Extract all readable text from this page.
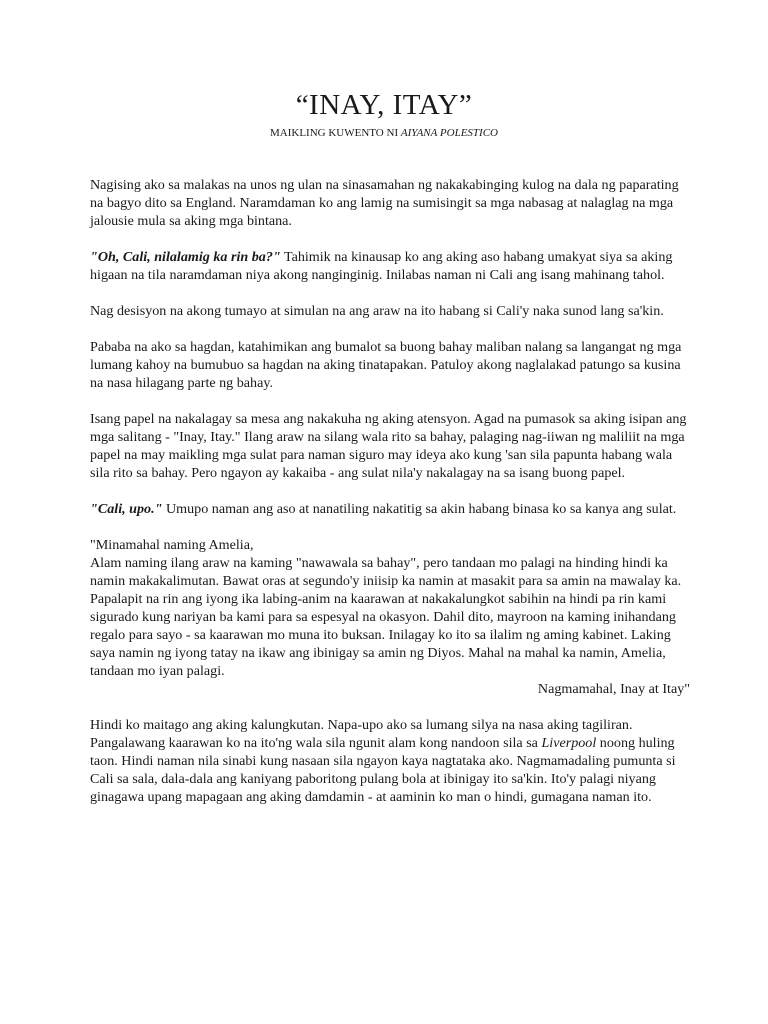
“INAY, ITAY”

MAIKLING KUWENTO NI AIYANA POLESTICO

Nagising ako sa malakas na unos ng ulan na sinasamahan ng nakakabinging kulog na dala ng paparating na bagyo dito sa England. Naramdaman ko ang lamig na sumisingit sa mga nabasag at nalaglag na mga jalousie mula sa aking mga bintana.

"Oh, Cali, nilalamig ka rin ba?" Tahimik na kinausap ko ang aking aso habang umakyat siya sa aking higaan na tila naramdaman niya akong nanginginig. Inilabas naman ni Cali ang isang mahinang tahol.

Nag desisyon na akong tumayo at simulan na ang araw na ito habang si Cali'y naka sunod lang sa'kin.

Pababa na ako sa hagdan, katahimikan ang bumalot sa buong bahay maliban nalang sa langangat ng mga lumang kahoy na bumubuo sa hagdan na aking tinatapakan. Patuloy akong naglalakad patungo sa kusina na nasa hilagang parte ng bahay.

Isang papel na nakalagay sa mesa ang nakakuha ng aking atensyon. Agad na pumasok sa aking isipan ang mga salitang - "Inay, Itay." Ilang araw na silang wala rito sa bahay, palaging nag-iiwan ng maliliit na mga papel na may maikling mga sulat para naman siguro may ideya ako kung 'san sila papunta habang wala sila rito sa bahay. Pero ngayon ay kakaiba - ang sulat nila'y nakalagay na sa isang buong papel.

"Cali, upo." Umupo naman ang aso at nanatiling nakatitig sa akin habang binasa ko sa kanya ang sulat.

"Minamahal naming Amelia,
Alam naming ilang araw na kaming "nawawala sa bahay", pero tandaan mo palagi na hinding hindi ka namin makakalimutan. Bawat oras at segundo'y iniisip ka namin at masakit para sa amin na mawalay ka. Papalapit na rin ang iyong ika labing-anim na kaarawan at nakakalungkot sabihin na hindi pa rin kami sigurado kung nariyan ba kami para sa espesyal na okasyon. Dahil dito, mayroon na kaming inihandang regalo para sayo - sa kaarawan mo muna ito buksan. Inilagay ko ito sa ilalim ng aming kabinet. Laking saya namin ng iyong tatay na ikaw ang ibinigay sa amin ng Diyos. Mahal na mahal ka namin, Amelia, tandaan mo iyan palagi.
Nagmamahal, Inay at Itay"

Hindi ko maitago ang aking kalungkutan. Napa-upo ako sa lumang silya na nasa aking tagiliran. Pangalawang kaarawan ko na ito'ng wala sila ngunit alam kong nandoon sila sa Liverpool noong huling taon. Hindi naman nila sinabi kung nasaan sila ngayon kaya nagtataka ako. Nagmamadaling pumunta si Cali sa sala, dala-dala ang kaniyang paboritong pulang bola at ibinigay ito sa'kin. Ito'y palagi niyang ginagawa upang mapagaan ang aking damdamin - at aaminin ko man o hindi, gumagana naman ito.
